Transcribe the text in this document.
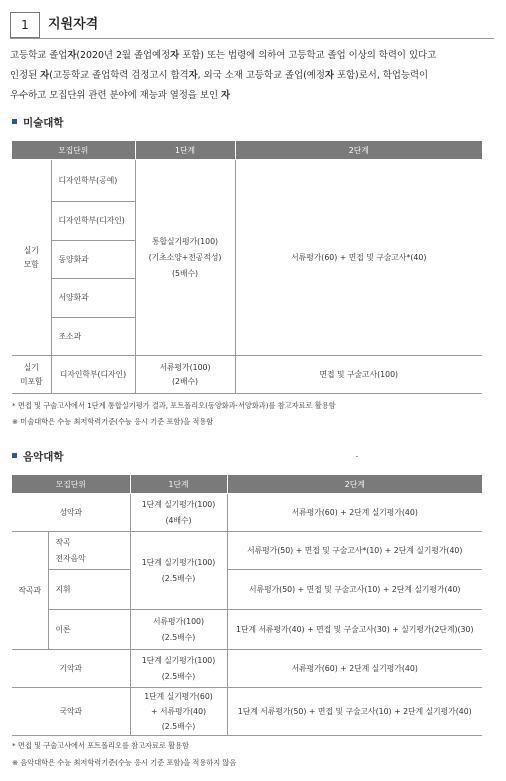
1	지원자격
고등학교 졸업자(2020년 2월 졸업예정자 포함) 또는 법령에 의하여 고등학교 졸업 이상의 학력이 있다고
인정된 자(고등학교 졸업학력 검정고시 합격자, 외국 소재 고등학교 졸업(예정자 포함)로서, 학업능력이
우수하고 모집단위 관련 분야에 재능과 열정을 보인 자
미술대학
모집단위		1단계	2단계
실기
모함	디자인학부(공예)	통합실기평가(100)
(기초소양+전공적성)
(5배수)	서류평가(60) + 면접 및 구술고사*(40)
	디자인학부(디자인)		
	동양화과		
	서양화과		
	조소과		
실기
미포함	디자인학부(디자인)	서류평가(100)
(2배수)	면접 및 구술고사(100)
* 면접 및 구술고사에서 1단계 통합실기평가 결과, 포트폴리오(동양화과·서양화과)를 참고자료로 활용함
※ 미술대학은 수능 최저학력기준(수능 응시 기준 포함)을 적용함
음악대학
모집단위		1단계	2단계
성악과		1단계 실기평가(100)
(4배수)	서류평가(60) + 2단계 실기평가(40)
작곡과	작곡
전자음악	1단계 실기평가(100)
(2.5배수)	서류평가(50) + 면접 및 구술고사*(10) + 2단계 실기평가(40)
	지휘		서류평가(50) + 면접 및 구술고사(10) + 2단계 실기평가(40)
	이론	서류평가(100)
(2.5배수)	1단계 서류평가(40) + 면접 및 구술고사(30) + 실기평가(2단계)(30)
기악과		1단계 실기평가(100)
(2.5배수)	서류평가(60) + 2단계 실기평가(40)
국악과		1단계 실기평가(60)
+ 서류평가(40)
(2.5배수)	1단계 서류평가(50) + 면접 및 구술고사(10) + 2단계 실기평가(40)
* 면접 및 구술고사에서 포트폴리오를 참고자료로 활용함
※ 음악대학은 수능 최저학력기준(수능 응시 기준 포함)을 적용하지 않음
